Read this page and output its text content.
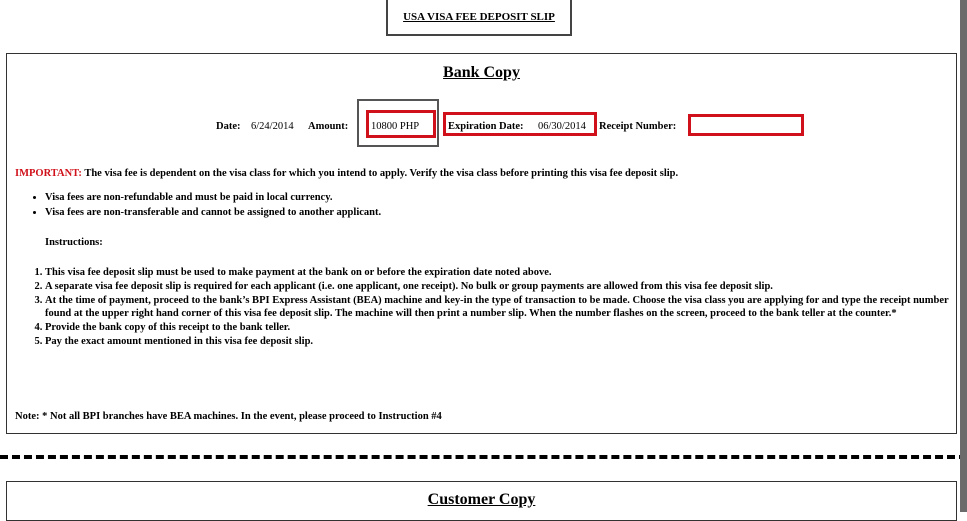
USA VISA FEE DEPOSIT SLIP
Bank Copy
Date: 6/24/2014 Amount: 10800 PHP	Expiration Date: 06/30/2014 Receipt Number:
IMPORTANT: The visa fee is dependent on the visa class for which you intend to apply. Verify the visa class before printing this visa fee deposit slip.
• Visa fees are non-refundable and must be paid in local currency.
• Visa fees are non-transferable and cannot be assigned to another applicant.
Instructions:
1. This visa fee deposit slip must be used to make payment at the bank on or before the expiration date noted above.
2. A separate visa fee deposit slip is required for each applicant (i.e. one applicant, one receipt). No bulk or group payments are allowed from this visa fee deposit slip.
3. At the time of payment, proceed to the bank’s BPI Express Assistant (BEA) machine and key-in the type of transaction to be made. Choose the visa class you are applying for and type the receipt number found at the upper right hand corner of this visa fee deposit slip. The machine will then print a number slip. When the number flashes on the screen, proceed to the bank teller at the counter.*
4. Provide the bank copy of this receipt to the bank teller.
5. Pay the exact amount mentioned in this visa fee deposit slip.
Note: * Not all BPI branches have BEA machines. In the event, please proceed to Instruction #4
Customer Copy
